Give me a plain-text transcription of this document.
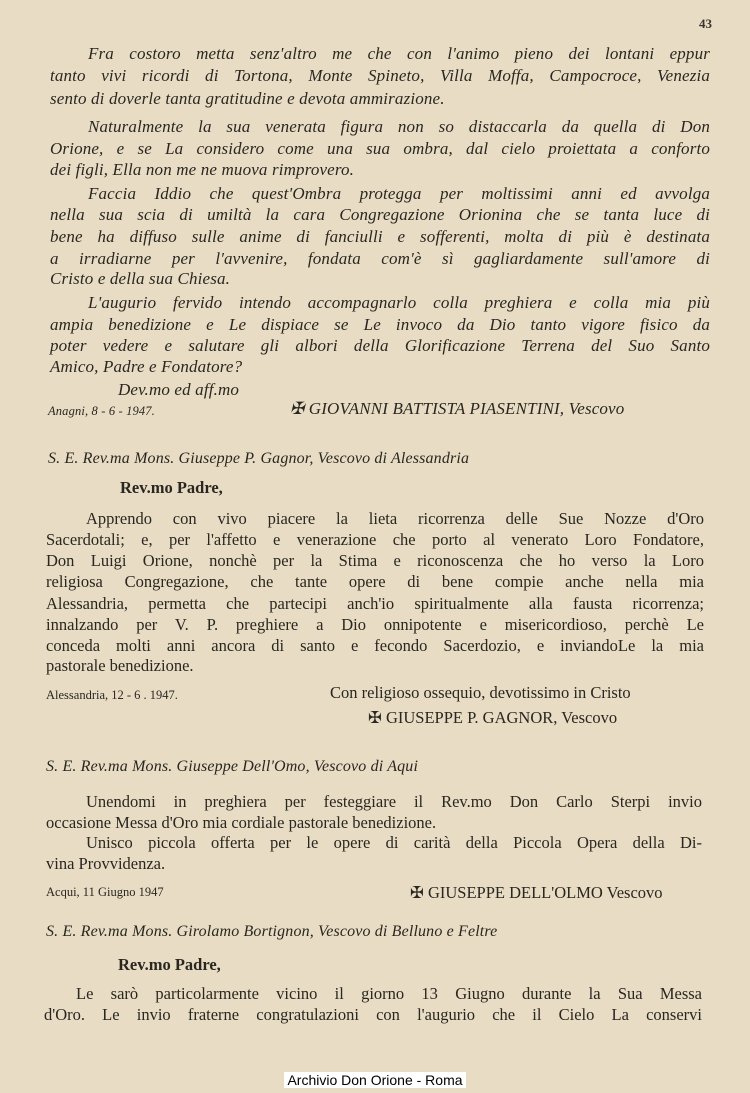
43
Fra costoro metta senz'altro me che con l'animo pieno dei lontani eppur
tanto vivi ricordi di Tortona, Monte Spineto, Villa Moffa, Campocroce, Venezia
sento di doverle tanta gratitudine e devota ammirazione.
Naturalmente la sua venerata figura non so distaccarla da quella di Don
Orione, e se La considero come una sua ombra, dal cielo proiettata a conforto
dei figli, Ella non me ne muova rimprovero.
Faccia Iddio che quest'Ombra protegga per moltissimi anni ed avvolga
nella sua scia di umiltà la cara Congregazione Orionina che se tanta luce di
bene ha diffuso sulle anime di fanciulli e sofferenti, molta di più è destinata
a irradiarne per l'avvenire, fondata com'è sì gagliardamente sull'amore di
Cristo e della sua Chiesa.
L'augurio fervido intendo accompagnarlo colla preghiera e colla mia più
ampia benedizione e Le dispiace se Le invoco da Dio tanto vigore fisico da
poter vedere e salutare gli albori della Glorificazione Terrena del Suo Santo
Amico, Padre e Fondatore?
Dev.mo ed aff.mo
Anagni, 8 - 6 - 1947.	✠ GIOVANNI BATTISTA PIASENTINI, Vescovo
S. E. Rev.ma Mons. Giuseppe P. Gagnor, Vescovo di Alessandria
Rev.mo Padre,
Apprendo con vivo piacere la lieta ricorrenza delle Sue Nozze d'Oro
Sacerdotali; e, per l'affetto e venerazione che porto al venerato Loro Fondatore,
Don Luigi Orione, nonchè per la Stima e riconoscenza che ho verso la Loro
religiosa Congregazione, che tante opere di bene compie anche nella mia
Alessandria, permetta che partecipi anch'io spiritualmente alla fausta ricorrenza;
innalzando per V. P. preghiere a Dio onnipotente e misericordioso, perchè Le
conceda molti anni ancora di santo e fecondo Sacerdozio, e inviandoLe la mia
pastorale benedizione.
Alessandria, 12 - 6 . 1947.	Con religioso ossequio, devotissimo in Cristo
✠ GIUSEPPE P. GAGNOR, Vescovo
S. E. Rev.ma Mons. Giuseppe Dell'Omo, Vescovo di Aqui
Unendomi in preghiera per festeggiare il Rev.mo Don Carlo Sterpi invio
occasione Messa d'Oro mia cordiale pastorale benedizione.
Unisco piccola offerta per le opere di carità della Piccola Opera della Di-
vina Provvidenza.
Acqui, 11 Giugno 1947	✠ GIUSEPPE DELL'OLMO Vescovo
S. E. Rev.ma Mons. Girolamo Bortignon, Vescovo di Belluno e Feltre
Rev.mo Padre,
Le sarò particolarmente vicino il giorno 13 Giugno durante la Sua Messa
d'Oro. Le invio fraterne congratulazioni con l'augurio che il Cielo La conservi
Archivio Don Orione - Roma
